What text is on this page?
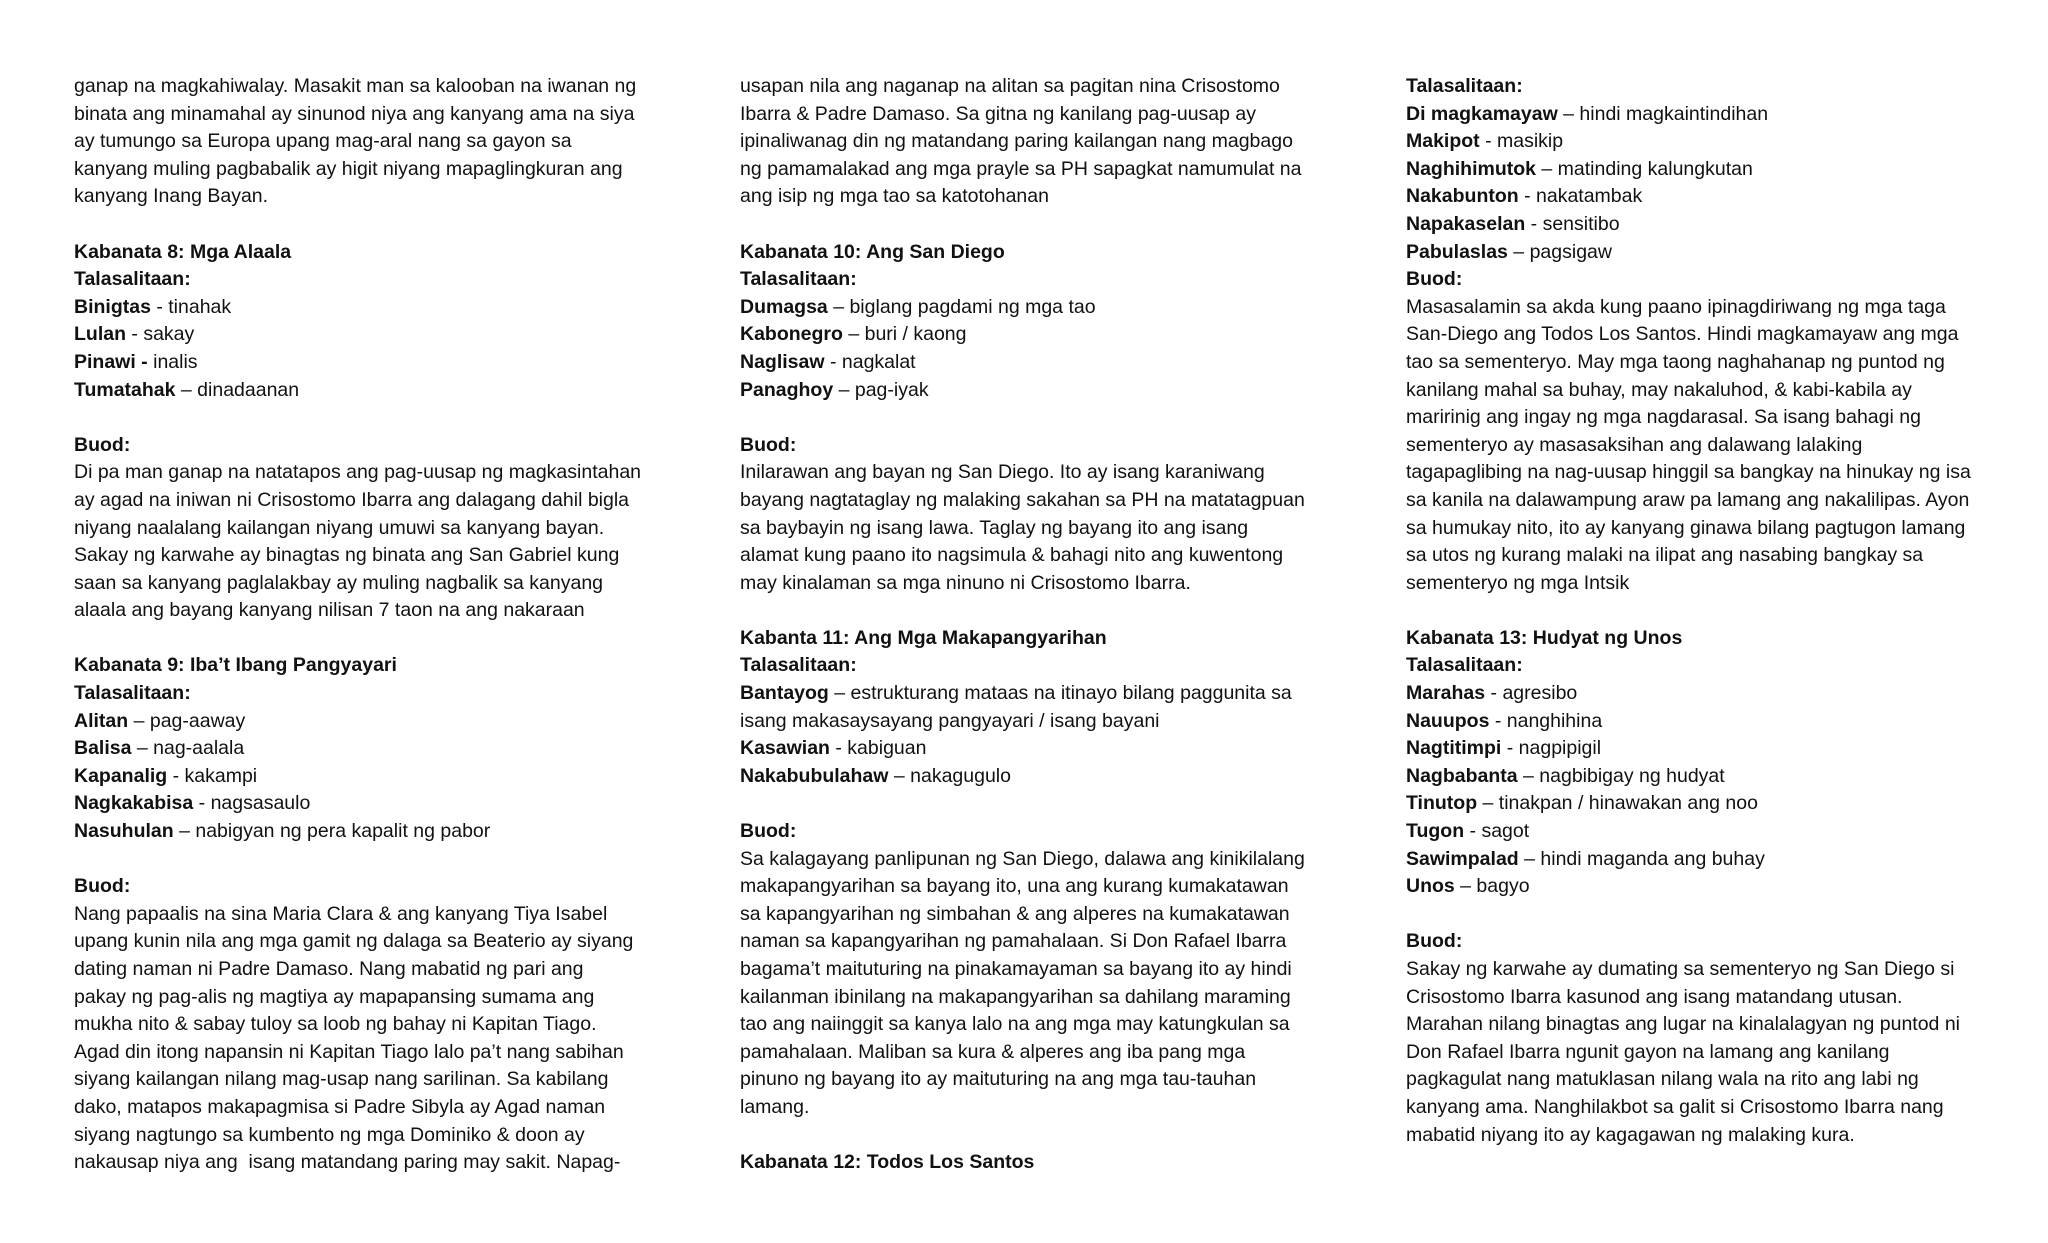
ganap na magkahiwalay. Masakit man sa kalooban na iwanan ng
binata ang minamahal ay sinunod niya ang kanyang ama na siya
ay tumungo sa Europa upang mag-aral nang sa gayon sa
kanyang muling pagbabalik ay higit niyang mapaglingkuran ang
kanyang Inang Bayan.
Kabanata 8: Mga Alaala
Talasalitaan:
Binigtas - tinahak
Lulan - sakay
Pinawi - inalis
Tumatahak – dinadaanan
Buod:
Di pa man ganap na natatapos ang pag-uusap ng magkasintahan
ay agad na iniwan ni Crisostomo Ibarra ang dalagang dahil bigla
niyang naalalang kailangan niyang umuwi sa kanyang bayan.
Sakay ng karwahe ay binagtas ng binata ang San Gabriel kung
saan sa kanyang paglalakbay ay muling nagbalik sa kanyang
alaala ang bayang kanyang nilisan 7 taon na ang nakaraan
Kabanata 9: Iba’t Ibang Pangyayari
Talasalitaan:
Alitan – pag-aaway
Balisa – nag-aalala
Kapanalig - kakampi
Nagkakabisa - nagsasaulo
Nasuhulan – nabigyan ng pera kapalit ng pabor
Buod:
Nang papaalis na sina Maria Clara & ang kanyang Tiya Isabel
upang kunin nila ang mga gamit ng dalaga sa Beaterio ay siyang
dating naman ni Padre Damaso. Nang mabatid ng pari ang
pakay ng pag-alis ng magtiya ay mapapansing sumama ang
mukha nito & sabay tuloy sa loob ng bahay ni Kapitan Tiago.
Agad din itong napansin ni Kapitan Tiago lalo pa’t nang sabihan
siyang kailangan nilang mag-usap nang sarilinan. Sa kabilang
dako, matapos makapagmisa si Padre Sibyla ay Agad naman
siyang nagtungo sa kumbento ng mga Dominiko & doon ay
nakausap niya ang  isang matandang paring may sakit. Napag-
usapan nila ang naganap na alitan sa pagitan nina Crisostomo
Ibarra & Padre Damaso. Sa gitna ng kanilang pag-uusap ay
ipinaliwanag din ng matandang paring kailangan nang magbago
ng pamamalakad ang mga prayle sa PH sapagkat namumulat na
ang isip ng mga tao sa katotohanan
Kabanata 10: Ang San Diego
Talasalitaan:
Dumagsa – biglang pagdami ng mga tao
Kabonegro – buri / kaong
Naglisaw - nagkalat
Panaghoy – pag-iyak
Buod:
Inilarawan ang bayan ng San Diego. Ito ay isang karaniwang
bayang nagtataglay ng malaking sakahan sa PH na matatagpuan
sa baybayin ng isang lawa. Taglay ng bayang ito ang isang
alamat kung paano ito nagsimula & bahagi nito ang kuwentong
may kinalaman sa mga ninuno ni Crisostomo Ibarra.
Kabanta 11: Ang Mga Makapangyarihan
Talasalitaan:
Bantayog – estrukturang mataas na itinayo bilang paggunita sa
isang makasaysayang pangyayari / isang bayani
Kasawian - kabiguan
Nakabubulahaw – nakagugulo
Buod:
Sa kalagayang panlipunan ng San Diego, dalawa ang kinikilalang
makapangyarihan sa bayang ito, una ang kurang kumakatawan
sa kapangyarihan ng simbahan & ang alperes na kumakatawan
naman sa kapangyarihan ng pamahalaan. Si Don Rafael Ibarra
bagama’t maituturing na pinakamayaman sa bayang ito ay hindi
kailanman ibinilang na makapangyarihan sa dahilang maraming
tao ang naiinggit sa kanya lalo na ang mga may katungkulan sa
pamahalaan. Maliban sa kura & alperes ang iba pang mga
pinuno ng bayang ito ay maituturing na ang mga tau-tauhan
lamang.
Kabanata 12: Todos Los Santos
Talasalitaan:
Di magkamayaw – hindi magkaintindihan
Makipot - masikip
Naghihimutok – matinding kalungkutan
Nakabunton - nakatambak
Napakaselan - sensitibo
Pabulaslas – pagsigaw
Buod:
Masasalamin sa akda kung paano ipinagdiriwang ng mga taga
San-Diego ang Todos Los Santos. Hindi magkamayaw ang mga
tao sa sementeryo. May mga taong naghahanap ng puntod ng
kanilang mahal sa buhay, may nakaluhod, & kabi-kabila ay
maririnig ang ingay ng mga nagdarasal. Sa isang bahagi ng
sementeryo ay masasaksihan ang dalawang lalaking
tagapaglibing na nag-uusap hinggil sa bangkay na hinukay ng isa
sa kanila na dalawampung araw pa lamang ang nakalilipas. Ayon
sa humukay nito, ito ay kanyang ginawa bilang pagtugon lamang
sa utos ng kurang malaki na ilipat ang nasabing bangkay sa
sementeryo ng mga Intsik
Kabanata 13: Hudyat ng Unos
Talasalitaan:
Marahas - agresibo
Nauupos - nanghihina
Nagtitimpi - nagpipigil
Nagbabanta – nagbibigay ng hudyat
Tinutop – tinakpan / hinawakan ang noo
Tugon - sagot
Sawimpalad – hindi maganda ang buhay
Unos – bagyo
Buod:
Sakay ng karwahe ay dumating sa sementeryo ng San Diego si
Crisostomo Ibarra kasunod ang isang matandang utusan.
Marahan nilang binagtas ang lugar na kinalalagyan ng puntod ni
Don Rafael Ibarra ngunit gayon na lamang ang kanilang
pagkagulat nang matuklasan nilang wala na rito ang labi ng
kanyang ama. Nanghilakbot sa galit si Crisostomo Ibarra nang
mabatid niyang ito ay kagagawan ng malaking kura.
